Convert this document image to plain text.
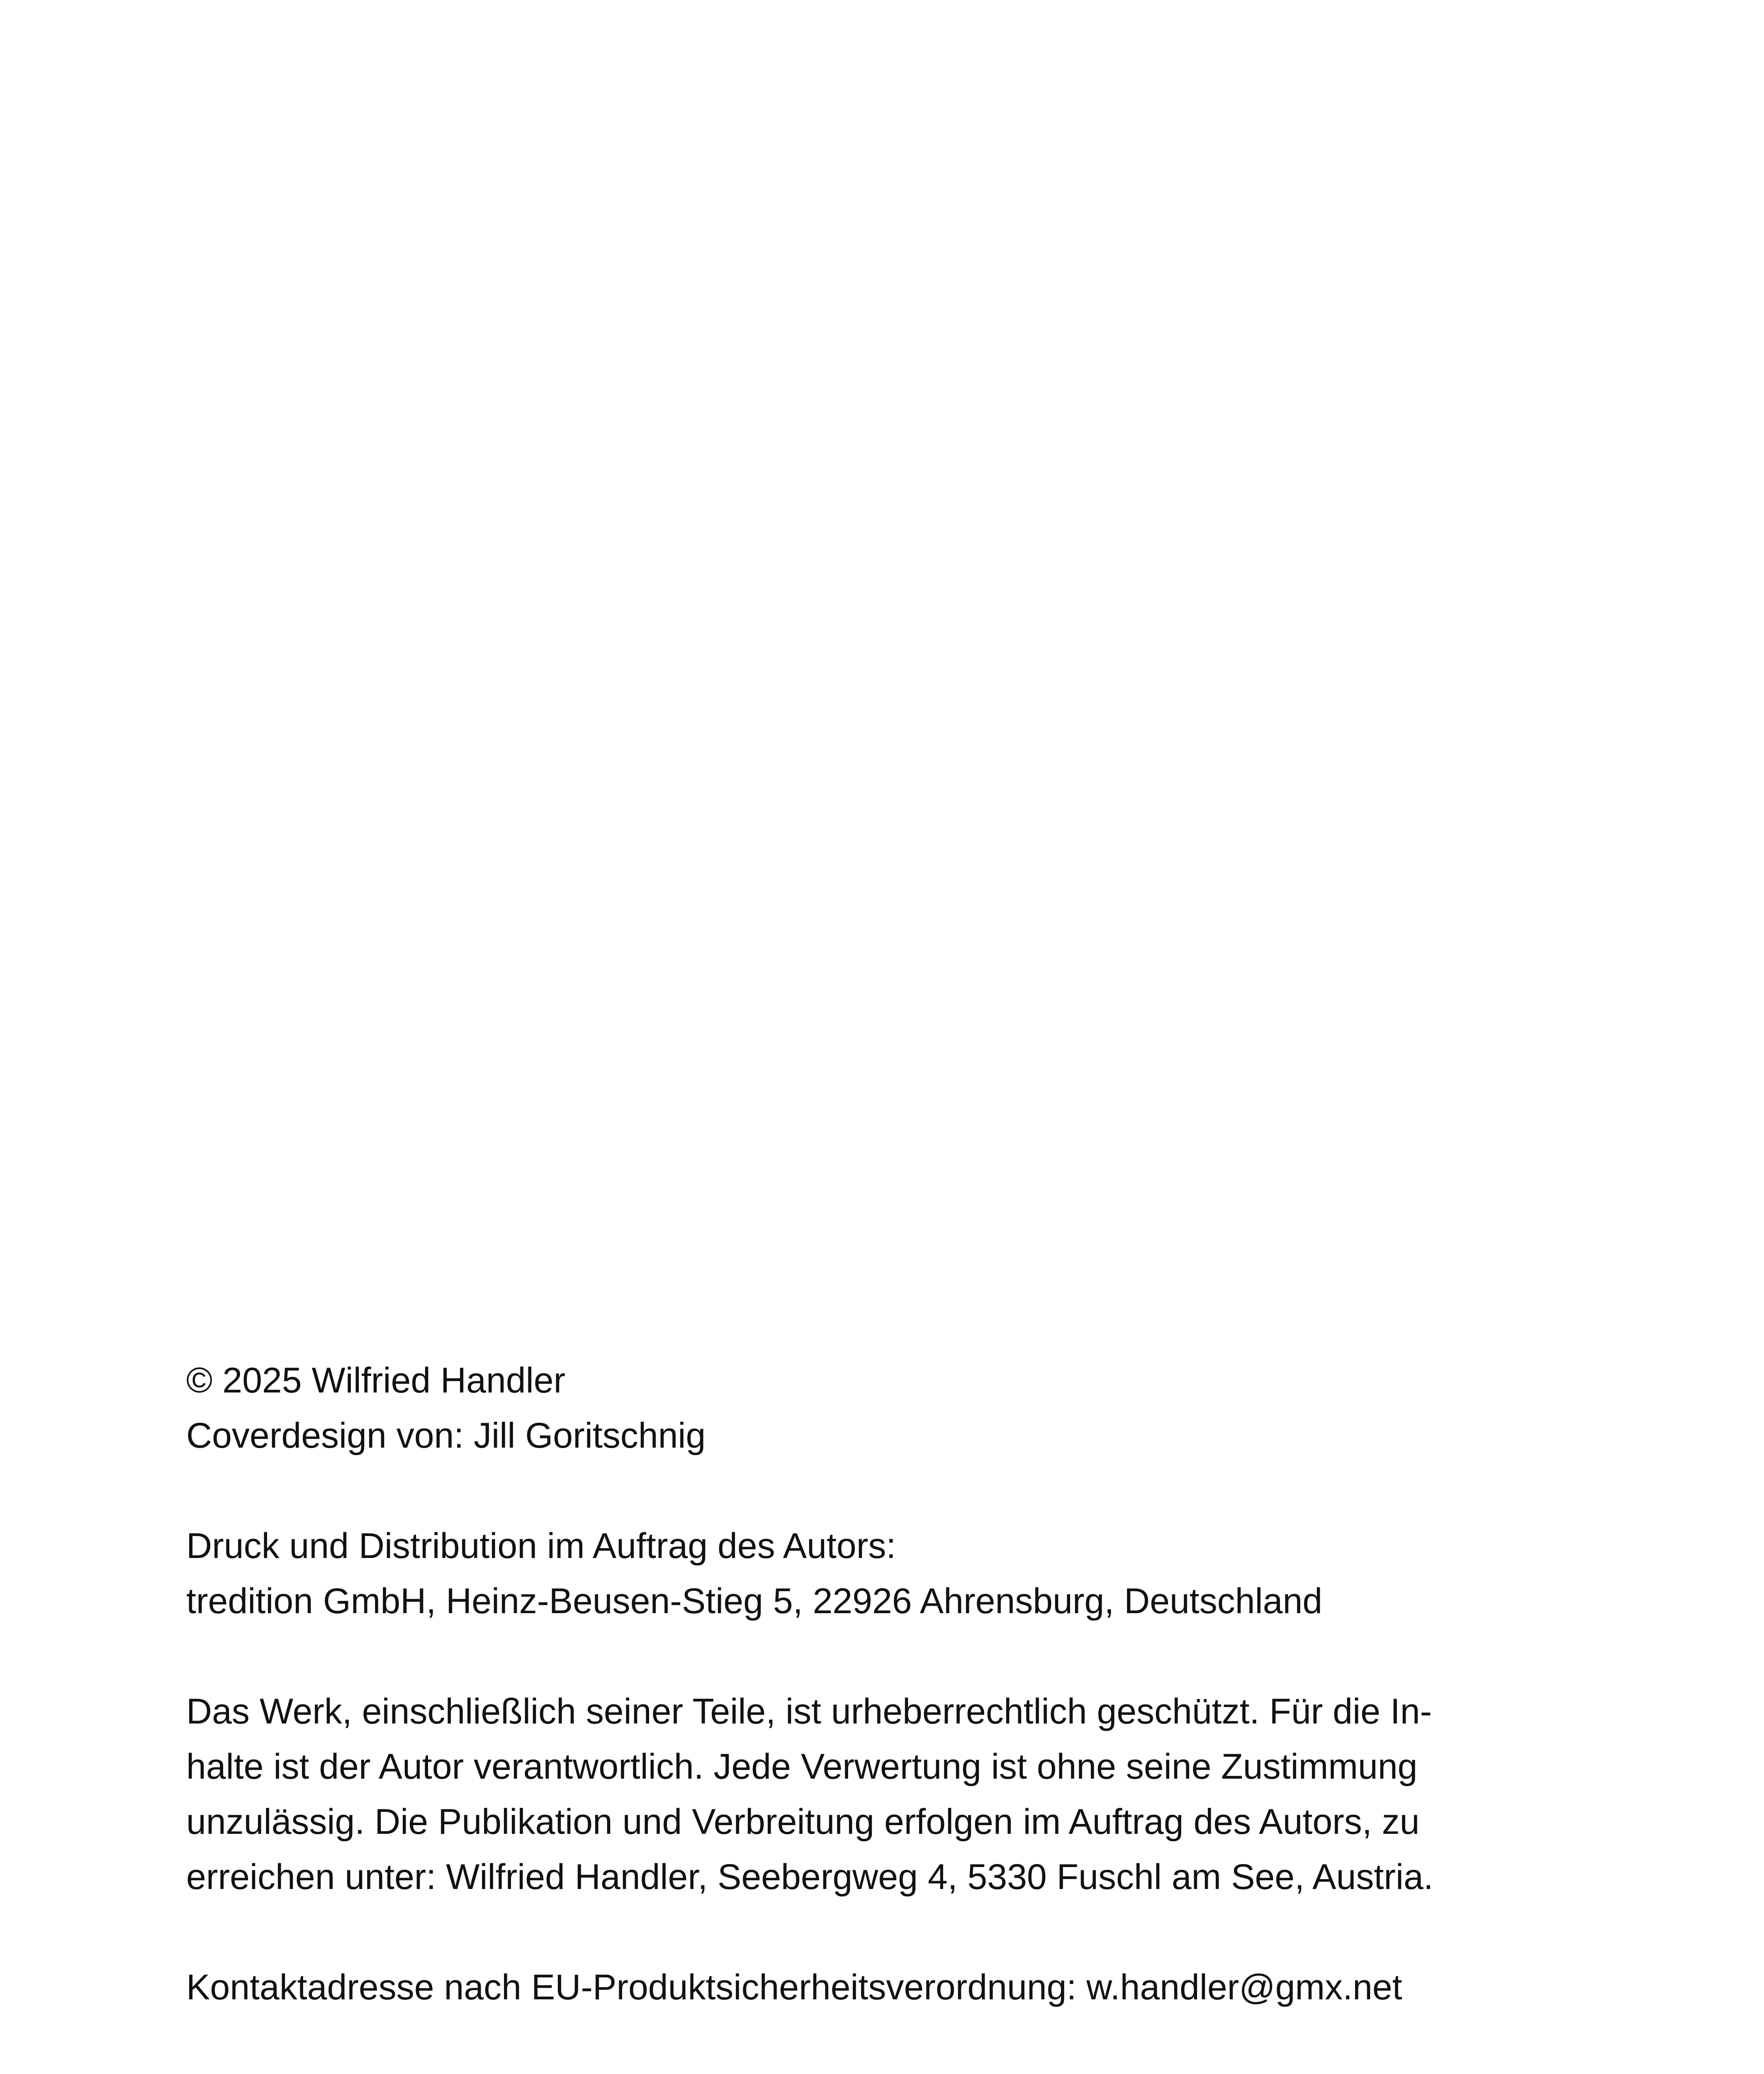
© 2025 Wilfried Handler
Coverdesign von: Jill Goritschnig

Druck und Distribution im Auftrag des Autors:
tredition GmbH, Heinz-Beusen-Stieg 5, 22926 Ahrensburg, Deutschland

Das Werk, einschließlich seiner Teile, ist urheberrechtlich geschützt. Für die In-
halte ist der Autor verantwortlich. Jede Verwertung ist ohne seine Zustimmung
unzulässig. Die Publikation und Verbreitung erfolgen im Auftrag des Autors, zu
erreichen unter: Wilfried Handler, Seebergweg 4, 5330 Fuschl am See, Austria.

Kontaktadresse nach EU-Produktsicherheitsverordnung: w.handler@gmx.net
